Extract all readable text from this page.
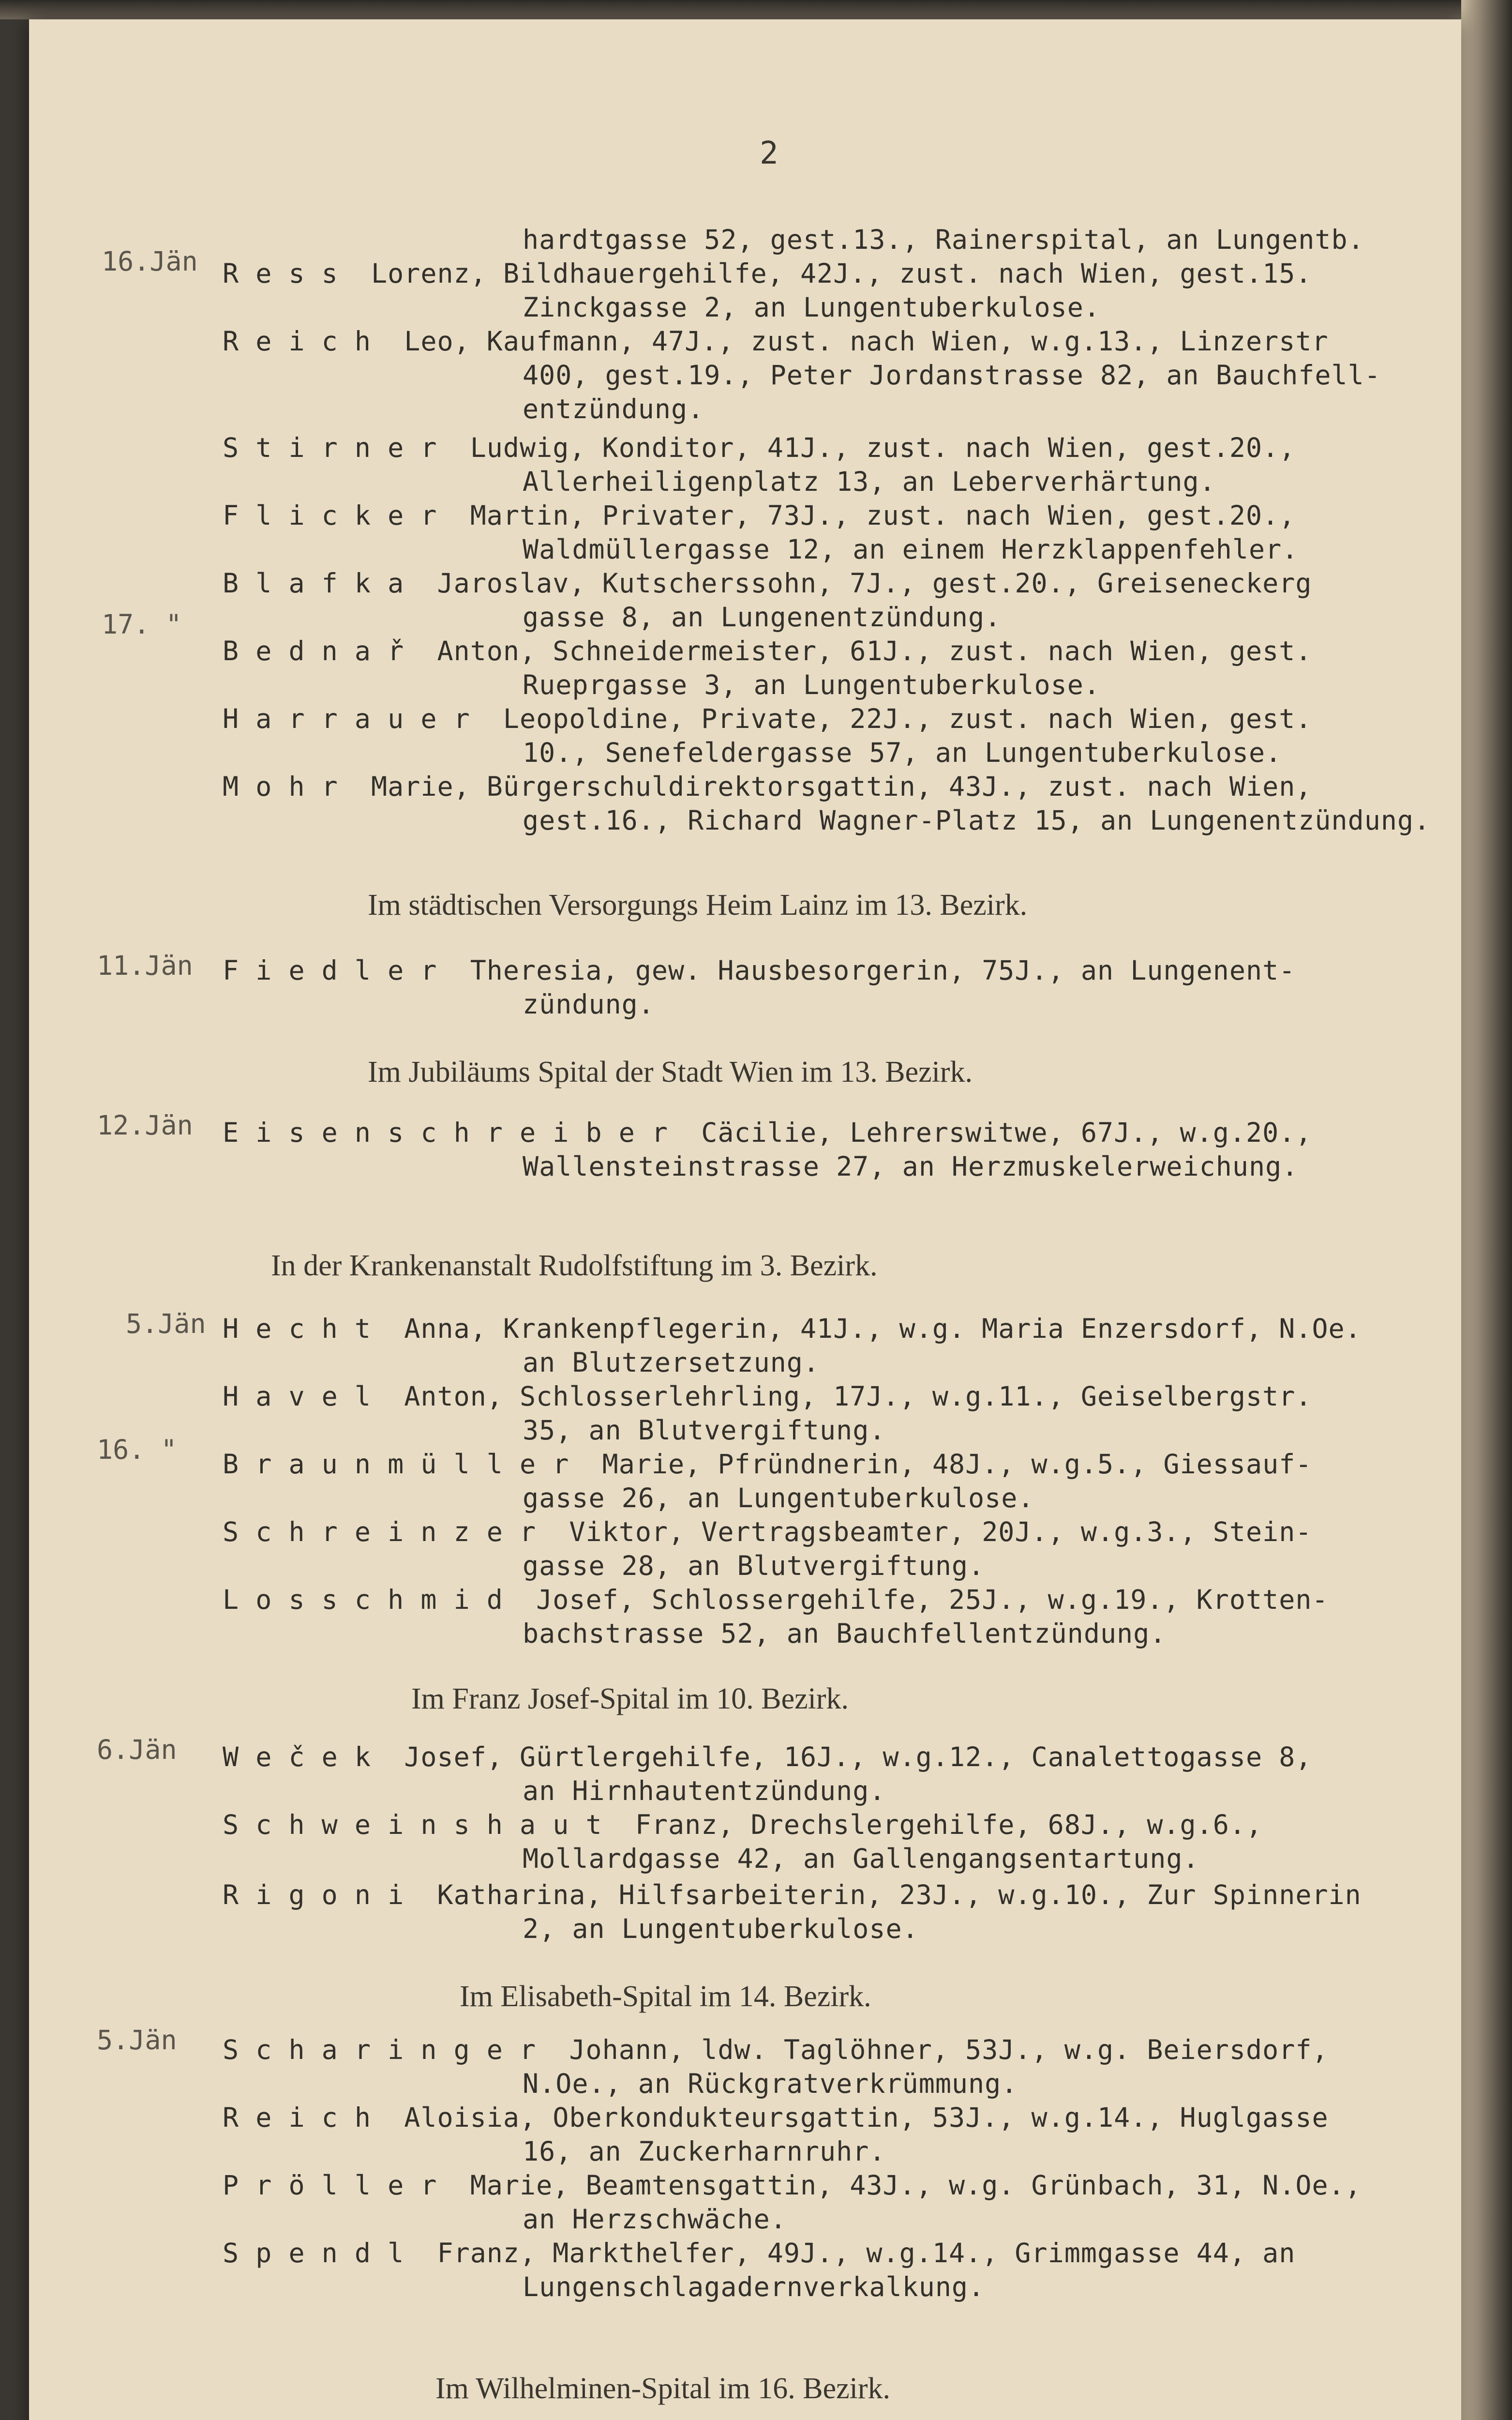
2
16.Jän
17. "
11.Jän
12.Jän
5.Jän
16. "
6.Jän
5.Jän
hardtgasse 52, gest.13., Rainerspital, an Lungentb.
R e s s  Lorenz, Bildhauergehilfe, 42J., zust. nach Wien, gest.15.
Zinckgasse 2, an Lungentuberkulose.
R e i c h  Leo, Kaufmann, 47J., zust. nach Wien, w.g.13., Linzerstr
400, gest.19., Peter Jordanstrasse 82, an Bauchfell-
entzündung.
S t i r n e r  Ludwig, Konditor, 41J., zust. nach Wien, gest.20.,
Allerheiligenplatz 13, an Leberverhärtung.
F l i c k e r  Martin, Privater, 73J., zust. nach Wien, gest.20.,
Waldmüllergasse 12, an einem Herzklappenfehler.
B l a f k a  Jaroslav, Kutscherssohn, 7J., gest.20., Greiseneckerg
gasse 8, an Lungenentzündung.
B e d n a ř  Anton, Schneidermeister, 61J., zust. nach Wien, gest.
Rueprgasse 3, an Lungentuberkulose.
H a r r a u e r  Leopoldine, Private, 22J., zust. nach Wien, gest.
10., Senefeldergasse 57, an Lungentuberkulose.
M o h r  Marie, Bürgerschuldirektorsgattin, 43J., zust. nach Wien,
gest.16., Richard Wagner-Platz 15, an Lungenentzündung.
Im städtischen Versorgungs Heim Lainz im 13. Bezirk.
F i e d l e r  Theresia, gew. Hausbesorgerin, 75J., an Lungenent-
zündung.
Im Jubiläums Spital der Stadt Wien im 13. Bezirk.
E i s e n s c h r e i b e r  Cäcilie, Lehrerswitwe, 67J., w.g.20.,
Wallensteinstrasse 27, an Herzmuskelerweichung.
In der Krankenanstalt Rudolfstiftung im 3. Bezirk.
H e c h t  Anna, Krankenpflegerin, 41J., w.g. Maria Enzersdorf, N.Oe.
an Blutzersetzung.
H a v e l  Anton, Schlosserlehrling, 17J., w.g.11., Geiselbergstr.
35, an Blutvergiftung.
B r a u n m ü l l e r  Marie, Pfründnerin, 48J., w.g.5., Giessauf-
gasse 26, an Lungentuberkulose.
S c h r e i n z e r  Viktor, Vertragsbeamter, 20J., w.g.3., Stein-
gasse 28, an Blutvergiftung.
L o s s c h m i d  Josef, Schlossergehilfe, 25J., w.g.19., Krotten-
bachstrasse 52, an Bauchfellentzündung.
Im Franz Josef-Spital im 10. Bezirk.
W e č e k  Josef, Gürtlergehilfe, 16J., w.g.12., Canalettogasse 8,
an Hirnhautentzündung.
S c h w e i n s h a u t  Franz, Drechslergehilfe, 68J., w.g.6.,
Mollardgasse 42, an Gallengangsentartung.
R i g o n i  Katharina, Hilfsarbeiterin, 23J., w.g.10., Zur Spinnerin
2, an Lungentuberkulose.
Im Elisabeth-Spital im 14. Bezirk.
S c h a r i n g e r  Johann, ldw. Taglöhner, 53J., w.g. Beiersdorf,
N.Oe., an Rückgratverkrümmung.
R e i c h  Aloisia, Oberkondukteursgattin, 53J., w.g.14., Huglgasse
16, an Zuckerharnruhr.
P r ö l l e r  Marie, Beamtensgattin, 43J., w.g. Grünbach, 31, N.Oe.,
an Herzschwäche.
S p e n d l  Franz, Markthelfer, 49J., w.g.14., Grimmgasse 44, an
Lungenschlagadernverkalkung.
Im Wilhelminen-Spital im 16. Bezirk.
